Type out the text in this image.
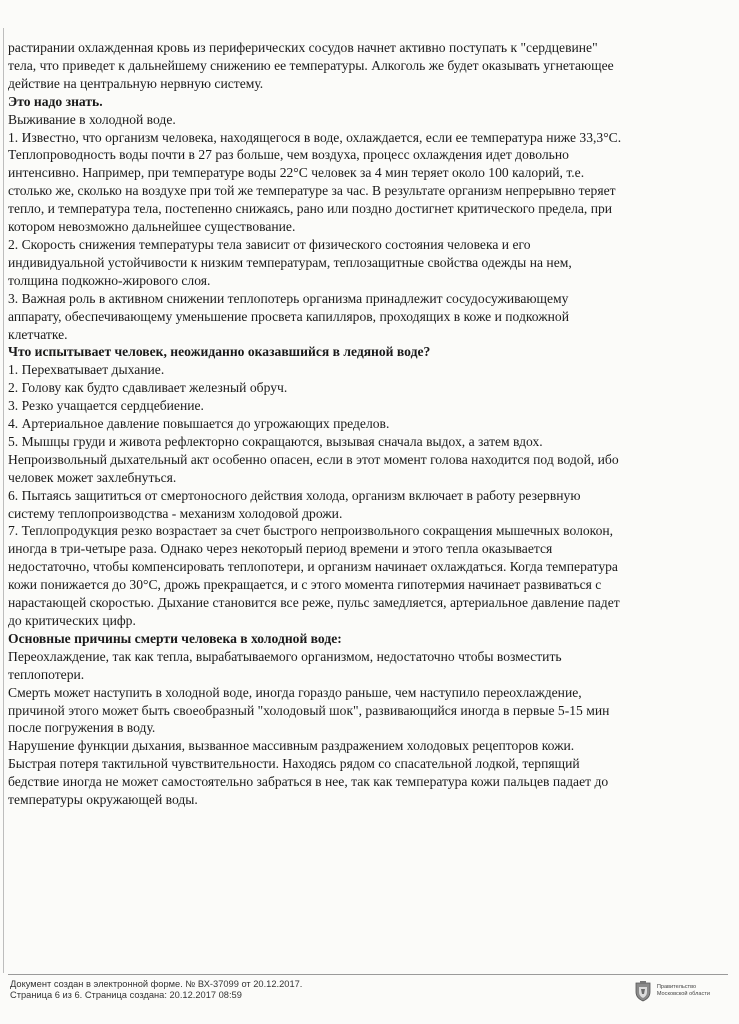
растирании охлажденная кровь из периферических сосудов начнет активно поступать к "сердцевине"

тела, что приведет к дальнейшему снижению ее температуры. Алкоголь же будет оказывать угнетающее

действие на центральную нервную систему.

Это надо знать.

Выживание в холодной воде.

1. Известно, что организм человека, находящегося в воде, охлаждается, если ее температура ниже 33,3°С.

Теплопроводность воды почти в 27 раз больше, чем воздуха, процесс охлаждения идет довольно

интенсивно. Например, при температуре воды 22°С человек за 4 мин теряет около 100 калорий, т.е.

столько же, сколько на воздухе при той же температуре за час. В результате организм непрерывно теряет

тепло, и температура тела, постепенно снижаясь, рано или поздно достигнет критического предела, при

котором невозможно дальнейшее существование.

2. Скорость снижения температуры тела зависит от физического состояния человека и его

индивидуальной устойчивости к низким температурам, теплозащитные свойства одежды на нем,

толщина подкожно-жирового слоя.

3. Важная роль в активном снижении теплопотерь организма принадлежит сосудосуживающему

аппарату, обеспечивающему уменьшение просвета капилляров, проходящих в коже и подкожной

клетчатке.

Что испытывает человек, неожиданно оказавшийся в ледяной воде?

1. Перехватывает дыхание.

2. Голову как будто сдавливает железный обруч.

3. Резко учащается сердцебиение.

4. Артериальное давление повышается до угрожающих пределов.

5. Мышцы груди и живота рефлекторно сокращаются, вызывая сначала выдох, а затем вдох.

Непроизвольный дыхательный акт особенно опасен, если в этот момент голова находится под водой, ибо

человек может захлебнуться.

6. Пытаясь защититься от смертоносного действия холода, организм включает в работу резервную

систему теплопроизводства - механизм холодовой дрожи.

7. Теплопродукция резко возрастает за счет быстрого непроизвольного сокращения мышечных волокон,

иногда в три-четыре раза. Однако через некоторый период времени и этого тепла оказывается

недостаточно, чтобы компенсировать теплопотери, и организм начинает охлаждаться. Когда температура

кожи понижается до 30°С, дрожь прекращается, и с этого момента гипотермия начинает развиваться с

нарастающей скоростью. Дыхание становится все реже, пульс замедляется, артериальное давление падет

до критических цифр.

Основные причины смерти человека в холодной воде:

Переохлаждение, так как тепла, вырабатываемого организмом, недостаточно чтобы возместить

теплопотери.

Смерть может наступить в холодной воде, иногда гораздо раньше, чем наступило переохлаждение,

причиной этого может быть своеобразный "холодовый шок", развивающийся иногда в первые 5-15 мин

после погружения в воду.

Нарушение функции дыхания, вызванное массивным раздражением холодовых рецепторов кожи.

Быстрая потеря тактильной чувствительности. Находясь рядом со спасательной лодкой, терпящий

бедствие иногда не может самостоятельно забраться в нее, так как температура кожи пальцев падает до

температуры окружающей воды.

Документ создан в электронной форме. № ВХ-37099 от 20.12.2017.
Страница 6 из 6. Страница создана: 20.12.2017 08:59
Правительство
Московской области
